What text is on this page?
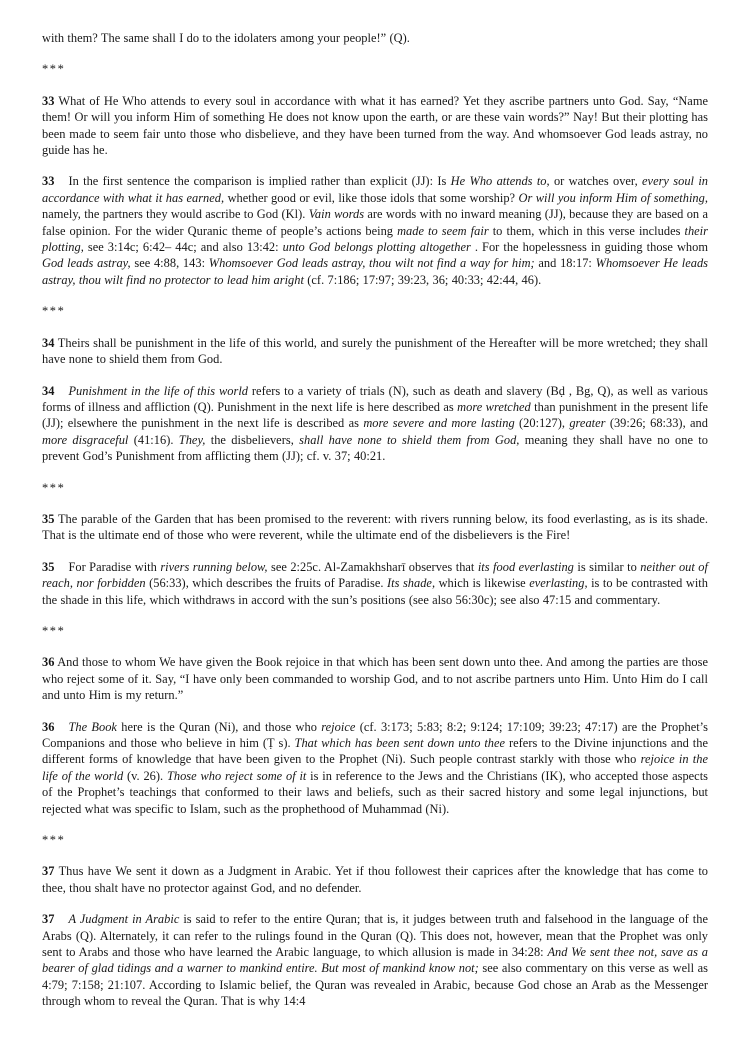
with them? The same shall I do to the idolaters among your people!” (Q).

***

33 What of He Who attends to every soul in accordance with what it has earned? Yet they ascribe partners unto God. Say, “Name them! Or will you inform Him of something He does not know upon the earth, or are these vain words?” Nay! But their plotting has been made to seem fair unto those who disbelieve, and they have been turned from the way. And whomsoever God leads astray, no guide has he.

33 In the first sentence the comparison is implied rather than explicit (JJ): Is He Who attends to, or watches over, every soul in accordance with what it has earned, whether good or evil, like those idols that some worship? Or will you inform Him of something, namely, the partners they would ascribe to God (Kl). Vain words are words with no inward meaning (JJ), because they are based on a false opinion. For the wider Quranic theme of people’s actions being made to seem fair to them, which in this verse includes their plotting, see 3:14c; 6:42– 44c; and also 13:42: unto God belongs plotting altogether . For the hopelessness in guiding those whom God leads astray, see 4:88, 143: Whomsoever God leads astray, thou wilt not find a way for him; and 18:17: Whomsoever He leads astray, thou wilt find no protector to lead him aright (cf. 7:186; 17:97; 39:23, 36; 40:33; 42:44, 46).

***

34 Theirs shall be punishment in the life of this world, and surely the punishment of the Hereafter will be more wretched; they shall have none to shield them from God.

34 Punishment in the life of this world refers to a variety of trials (N), such as death and slavery (Bḍ , Bg, Q), as well as various forms of illness and affliction (Q). Punishment in the next life is here described as more wretched than punishment in the present life (JJ); elsewhere the punishment in the next life is described as more severe and more lasting (20:127), greater (39:26; 68:33), and more disgraceful (41:16). They, the disbelievers, shall have none to shield them from God, meaning they shall have no one to prevent God’s Punishment from afflicting them (JJ); cf. v. 37; 40:21.

***

35 The parable of the Garden that has been promised to the reverent: with rivers running below, its food everlasting, as is its shade. That is the ultimate end of those who were reverent, while the ultimate end of the disbelievers is the Fire!

35 For Paradise with rivers running below, see 2:25c. Al-Zamakhsharī observes that its food everlasting is similar to neither out of reach, nor forbidden (56:33), which describes the fruits of Paradise. Its shade, which is likewise everlasting, is to be contrasted with the shade in this life, which withdraws in accord with the sun’s positions (see also 56:30c); see also 47:15 and commentary.

***

36 And those to whom We have given the Book rejoice in that which has been sent down unto thee. And among the parties are those who reject some of it. Say, “I have only been commanded to worship God, and to not ascribe partners unto Him. Unto Him do I call and unto Him is my return.”

36 The Book here is the Quran (Ni), and those who rejoice (cf. 3:173; 5:83; 8:2; 9:124; 17:109; 39:23; 47:17) are the Prophet’s Companions and those who believe in him (Ṭ s). That which has been sent down unto thee refers to the Divine injunctions and the different forms of knowledge that have been given to the Prophet (Ni). Such people contrast starkly with those who rejoice in the life of the world (v. 26). Those who reject some of it is in reference to the Jews and the Christians (IK), who accepted those aspects of the Prophet’s teachings that conformed to their laws and beliefs, such as their sacred history and some legal injunctions, but rejected what was specific to Islam, such as the prophethood of Muhammad (Ni).

***

37 Thus have We sent it down as a Judgment in Arabic. Yet if thou followest their caprices after the knowledge that has come to thee, thou shalt have no protector against God, and no defender.

37 A Judgment in Arabic is said to refer to the entire Quran; that is, it judges between truth and falsehood in the language of the Arabs (Q). Alternately, it can refer to the rulings found in the Quran (Q). This does not, however, mean that the Prophet was only sent to Arabs and those who have learned the Arabic language, to which allusion is made in 34:28: And We sent thee not, save as a bearer of glad tidings and a warner to mankind entire. But most of mankind know not; see also commentary on this verse as well as 4:79; 7:158; 21:107. According to Islamic belief, the Quran was revealed in Arabic, because God chose an Arab as the Messenger through whom to reveal the Quran. That is why 14:4
